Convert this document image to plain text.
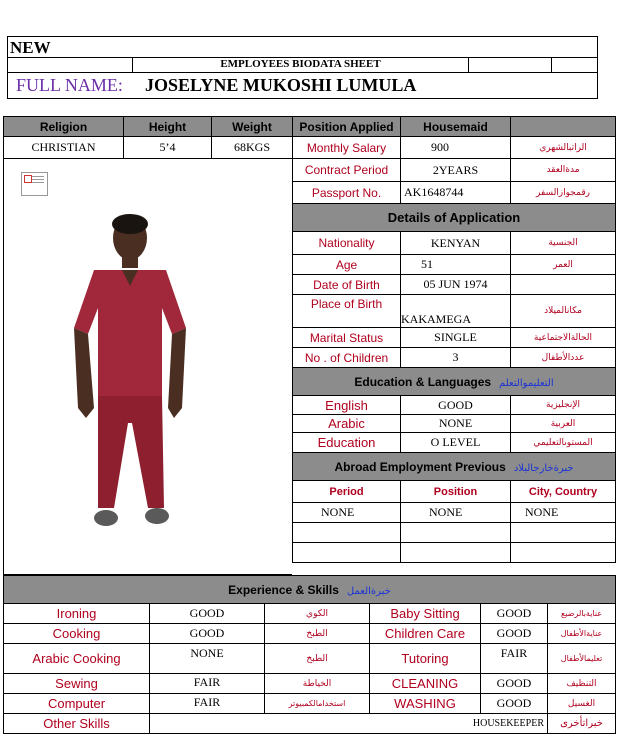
NEW
EMPLOYEES BIODATA SHEET
FULL NAME: JOSELYNE MUKOSHI LUMULA
Religion	Height	Weight	Position Applied	Housemaid	
CHRISTIAN	5’4	68KGS	Monthly Salary	900	الراتبالشهري
Contract Period	2YEARS	مدةالعقد
Passport No.	AK1648744	رقمجوازالسفر
Details of Application		
Nationality	KENYAN	الجنسية
Age	51	العمر
Date of Birth	05 JUN 1974	
Place of Birth	KAKAMEGA	مكانالميلاد
Marital Status	SINGLE	الحالةالاجتماعية
No . of Children	3	عددالأطفال
Education & Languages التعليموالتعلم		
English	GOOD	الإنجليزية
Arabic	NONE	العربية
Education	O LEVEL	المستوىالتعليمي
Abroad Employment Previous خبرةخارجالبلاد		
Period	Position	City, Country
NONE	NONE	NONE

Experience & Skills خبرةالعمل					
Ironing	GOOD	الكوي	Baby Sitting	GOOD	عنايةبالرضيع
Cooking	GOOD	الطبخ	Children Care	GOOD	عنايةالأطفال
Arabic Cooking	NONE	الطبخ	Tutoring	FAIR	تعليمالأطفال
Sewing	FAIR	الخياطة	CLEANING	GOOD	التنظيف
Computer	FAIR	استخدامالكمبيوتر	WASHING	GOOD	الغسيل
Other Skills	HOUSEKEEPER				خبراتأخرى
